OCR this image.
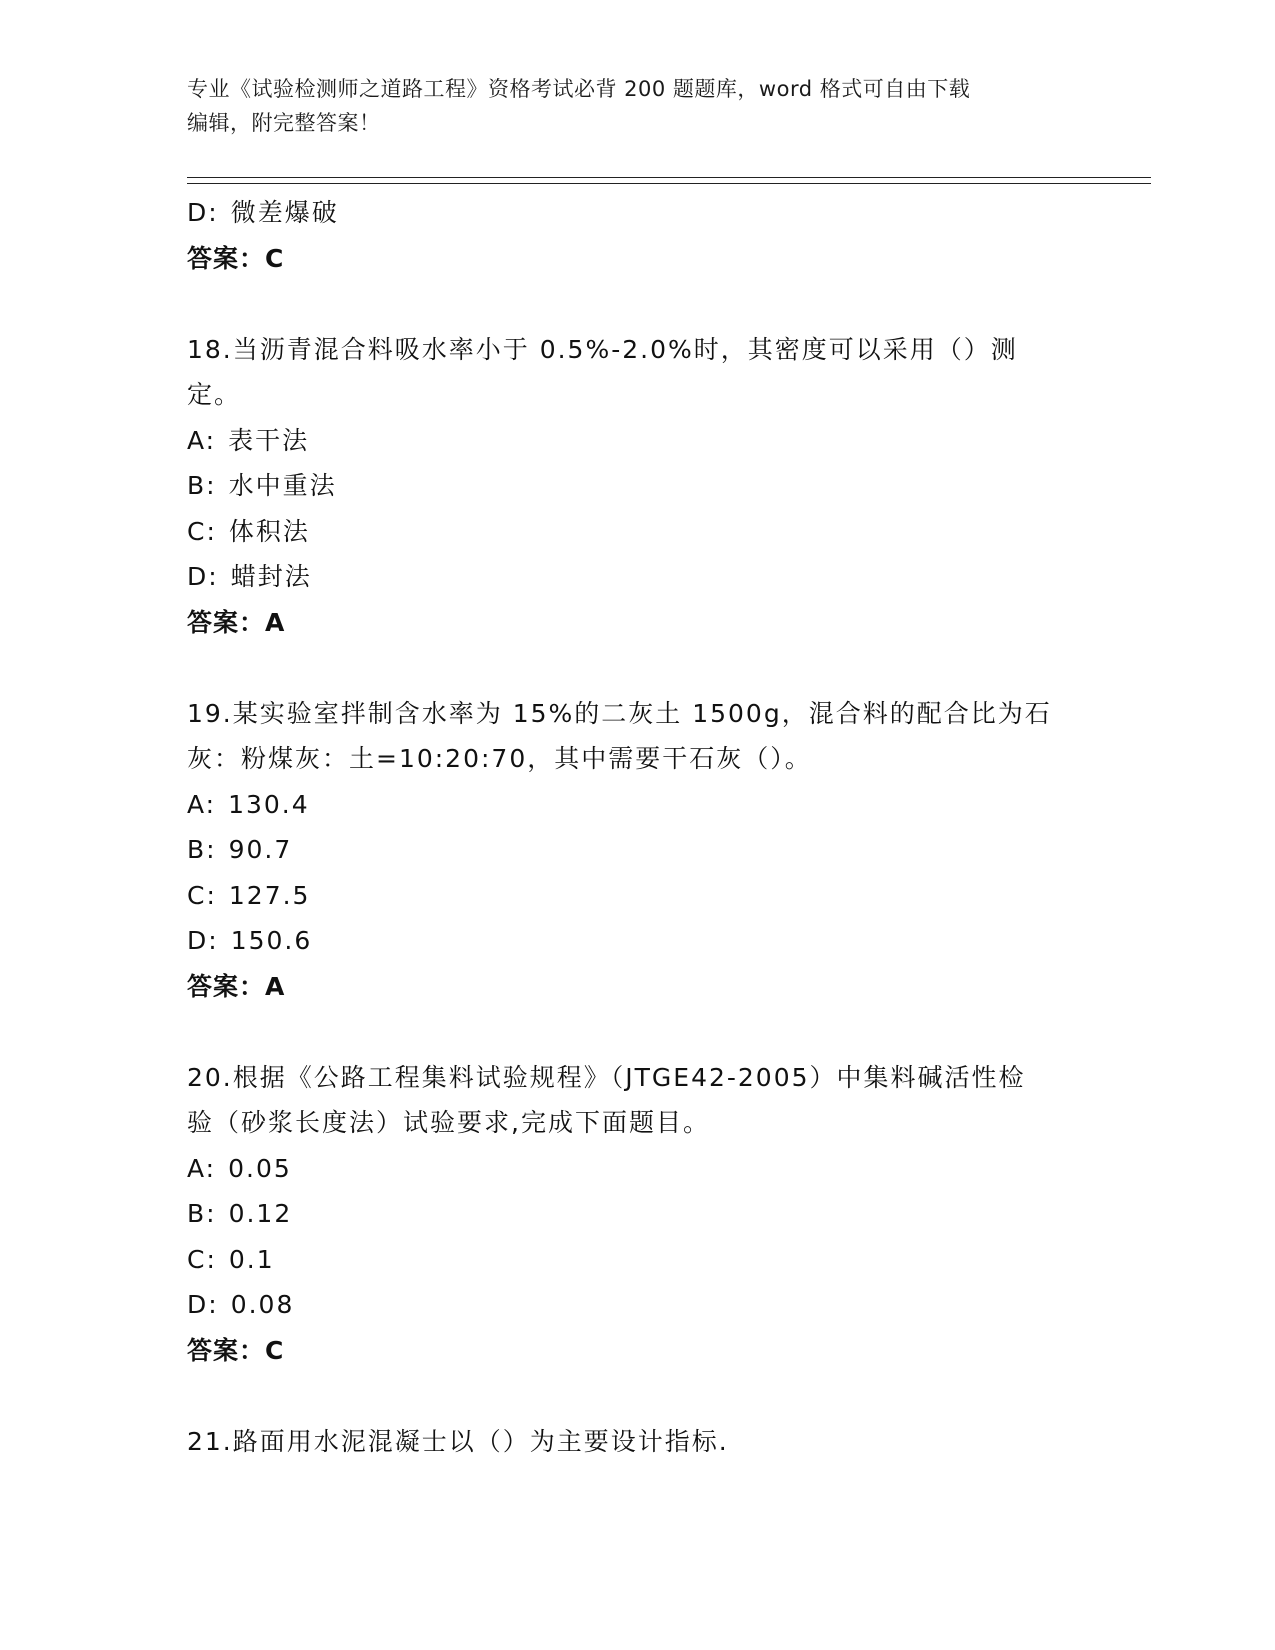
专业《试验检测师之道路工程》资格考试必背 200 题题库，word 格式可自由下载
编辑，附完整答案！
D: 微差爆破
答案：C
18.当沥青混合料吸水率小于 0.5%-2.0%时，其密度可以采用（）测
定。
A: 表干法
B: 水中重法
C: 体积法
D: 蜡封法
答案：A
19.某实验室拌制含水率为 15%的二灰土 1500g，混合料的配合比为石
灰：粉煤灰：土=10:20:70，其中需要干石灰（）。
A: 130.4
B: 90.7
C: 127.5
D: 150.6
答案：A
20.根据《公路工程集料试验规程》（JTGE42-2005）中集料碱活性检
验（砂浆长度法）试验要求,完成下面题目。
A: 0.05
B: 0.12
C: 0.1
D: 0.08
答案：C
21.路面用水泥混凝士以（）为主要设计指标.
